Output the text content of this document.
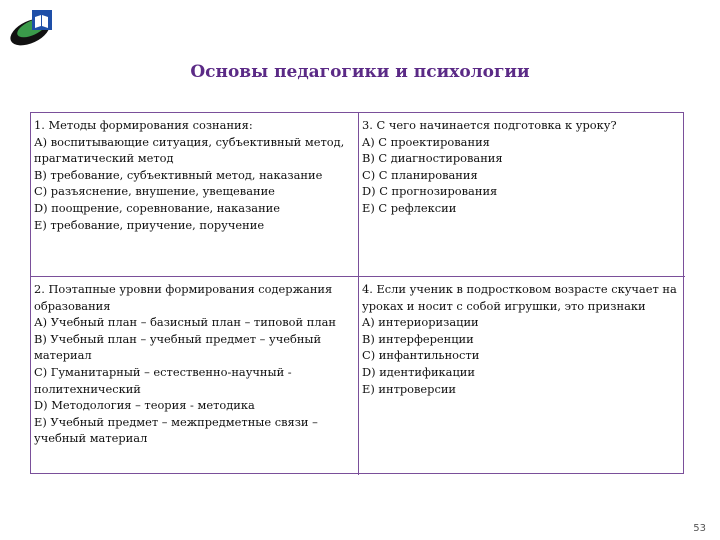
Основы педагогики и психологии

1. Методы формирования сознания:

А) воспитывающие ситуация, субъективный метод, прагматический метод

В) требование, субъективный метод, наказание

С) разъяснение, внушение, увещевание

D) поощрение, соревнование, наказание

E) требование, приучение, поручение

3. С чего начинается подготовка к уроку?

A) С проектирования

B) С диагностирования

C) С планирования

D) С прогнозирования

E) С рефлексии

2. Поэтапные уровни формирования содержания образования

А) Учебный план – базисный план – типовой план

В) Учебный план – учебный предмет – учебный материал

С) Гуманитарный – естественно-научный - политехнический

D) Методология – теория - методика

E) Учебный предмет – межпредметные связи – учебный материал

4. Если ученик в подростковом возрасте скучает на уроках и носит с собой игрушки, это признаки

A) интериоризации

B) интерференции

C) инфантильности

D) идентификации

E) интроверсии

53
